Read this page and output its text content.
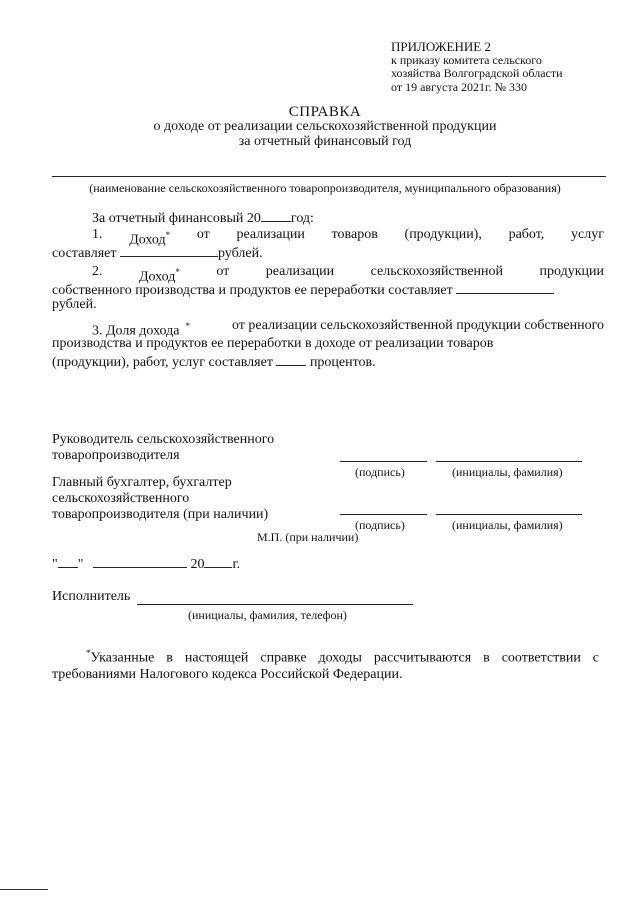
ПРИЛОЖЕНИЕ 2
к приказу комитета сельского
хозяйства Волгоградской области
от 19 августа 2021г. № 330
СПРАВКА
о доходе от реализации сельскохозяйственной продукции
за отчетный финансовый год
(наименование сельскохозяйственного товаропроизводителя, муниципального образования)
За отчетный финансовый 20 год:
1. Доход* от реализации товаров (продукции), работ, услуг
составляет	рублей.
2.	Доход*	от	реализации	сельскохозяйственной	продукции
собственного производства и продуктов ее переработки составляет
рублей.
3. Доля дохода *	от реализации сельскохозяйственной продукции собственного
производства и продуктов ее переработки в доходе от реализации товаров
(продукции), работ, услуг составляет	процентов.
Руководитель сельскохозяйственного
товаропроизводителя
(подпись)	(инициалы, фамилия)
Главный бухгалтер, бухгалтер
сельскохозяйственного
товаропроизводителя (при наличии)
(подпись)	(инициалы, фамилия)
М.П. (при наличии)
" "	20 г.
Исполнитель
(инициалы, фамилия, телефон)
*Указанные в настоящей справке доходы рассчитываются в соответствии с
требованиями Налогового кодекса Российской Федерации.
